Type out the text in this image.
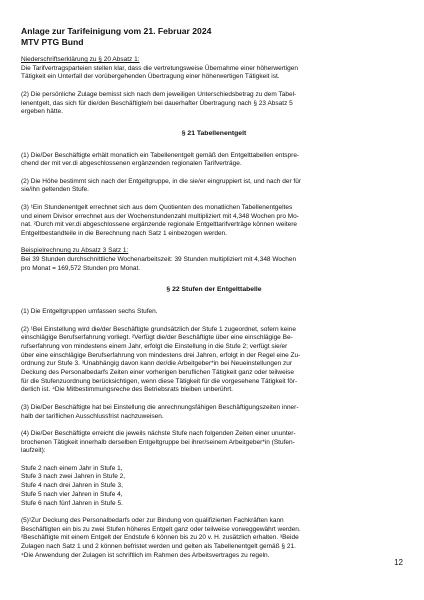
Anlage zur Tarifeinigung vom 21. Februar 2024
MTV PTG Bund

Niederschriftserklärung zu § 20 Absatz 1:

Die Tarifvertragsparteien stellen klar, dass die vertretungsweise Übernahme einer höherwertigen

Tätigkeit ein Unterfall der vorübergehenden Übertragung einer höherwertigen Tätigkeit ist.

(2) Die persönliche Zulage bemisst sich nach dem jeweiligen Unterschiedsbetrag zu dem Tabel-

lenentgelt, das sich für die/den Beschäftigte/n bei dauerhafter Übertragung nach § 23 Absatz 5

ergeben hätte.

§ 21 Tabellenentgelt

(1) Die/Der Beschäftigte erhält monatlich ein Tabellenentgelt gemäß den Entgelttabellen entspre-

chend der mit ver.di abgeschlossenen ergänzenden regionalen Tarifverträge.

(2) Die Höhe bestimmt sich nach der Entgeltgruppe, in die sie/er eingruppiert ist, und nach der für

sie/ihn geltenden Stufe.

(3) ¹Ein Stundenentgelt errechnet sich aus dem Quotienten des monatlichen Tabellenentgeltes

und einem Divisor errechnet aus der Wochenstundenzahl multipliziert mit 4,348 Wochen pro Mo-

nat. ²Durch mit ver.di abgeschlossene ergänzende regionale Entgelttarifverträge können weitere

Entgeltbestandteile in die Berechnung nach Satz 1 einbezogen werden.

Beispielrechnung zu Absatz 3 Satz 1:

Bei 39 Stunden durchschnittliche Wochenarbeitszeit: 39 Stunden multipliziert mit 4,348 Wochen

pro Monat = 169,572 Stunden pro Monat.

§ 22 Stufen der Entgelttabelle

(1) Die Entgeltgruppen umfassen sechs Stufen.

(2) ¹Bei Einstellung wird die/der Beschäftigte grundsätzlich der Stufe 1 zugeordnet, sofern keine

einschlägige Berufserfahrung vorliegt. ²Verfügt die/der Beschäftigte über eine einschlägige Be-

rufserfahrung von mindestens einem Jahr, erfolgt die Einstellung in die Stufe 2; verfügt sie/er

über eine einschlägige Berufserfahrung von mindestens drei Jahren, erfolgt in der Regel eine Zu-

ordnung zur Stufe 3. ³Unabhängig davon kann der/die Arbeitgeber*in bei Neueinstellungen zur

Deckung des Personalbedarfs Zeiten einer vorherigen beruflichen Tätigkeit ganz oder teilweise

für die Stufenzuordnung berücksichtigen, wenn diese Tätigkeit für die vorgesehene Tätigkeit för-

derlich ist. ⁴Die Mitbestimmungsreche des Betriebsrats bleiben unberührt.

(3) Die/Der Beschäftigte hat bei Einstellung die anrechnungsfähigen Beschäftigungszeiten inner-

halb der tariflichen Ausschlussfrist nachzuweisen.

(4) Die/Der Beschäftigte erreicht die jeweils nächste Stufe nach folgenden Zeiten einer ununter-

brochenen Tätigkeit innerhalb derselben Entgeltgruppe bei ihrer/seinem Arbeitgeber*in (Stufen-

laufzeit):

Stufe 2 nach einem Jahr in Stufe 1,

Stufe 3 nach zwei Jahren in Stufe 2,

Stufe 4 nach drei Jahren in Stufe 3,

Stufe 5 nach vier Jahren in Stufe 4,

Stufe 6 nach fünf Jahren in Stufe 5.

(5)¹Zur Deckung des Personalbedarfs oder zur Bindung von qualifizierten Fachkräften kann

Beschäftigten ein bis zu zwei Stufen höheres Entgelt ganz oder teilweise vorweggewährt werden.

²Beschäftigte mit einem Entgelt der Endstufe 6 können bis zu 20 v. H. zusätzlich erhalten. ³Beide

Zulagen nach Satz 1 und 2 können befristet werden und gelten als Tabellenentgelt gemäß § 21.

⁴Die Anwendung der Zulagen ist schriftlich im Rahmen des Arbeitsvertrages zu regeln.

12
